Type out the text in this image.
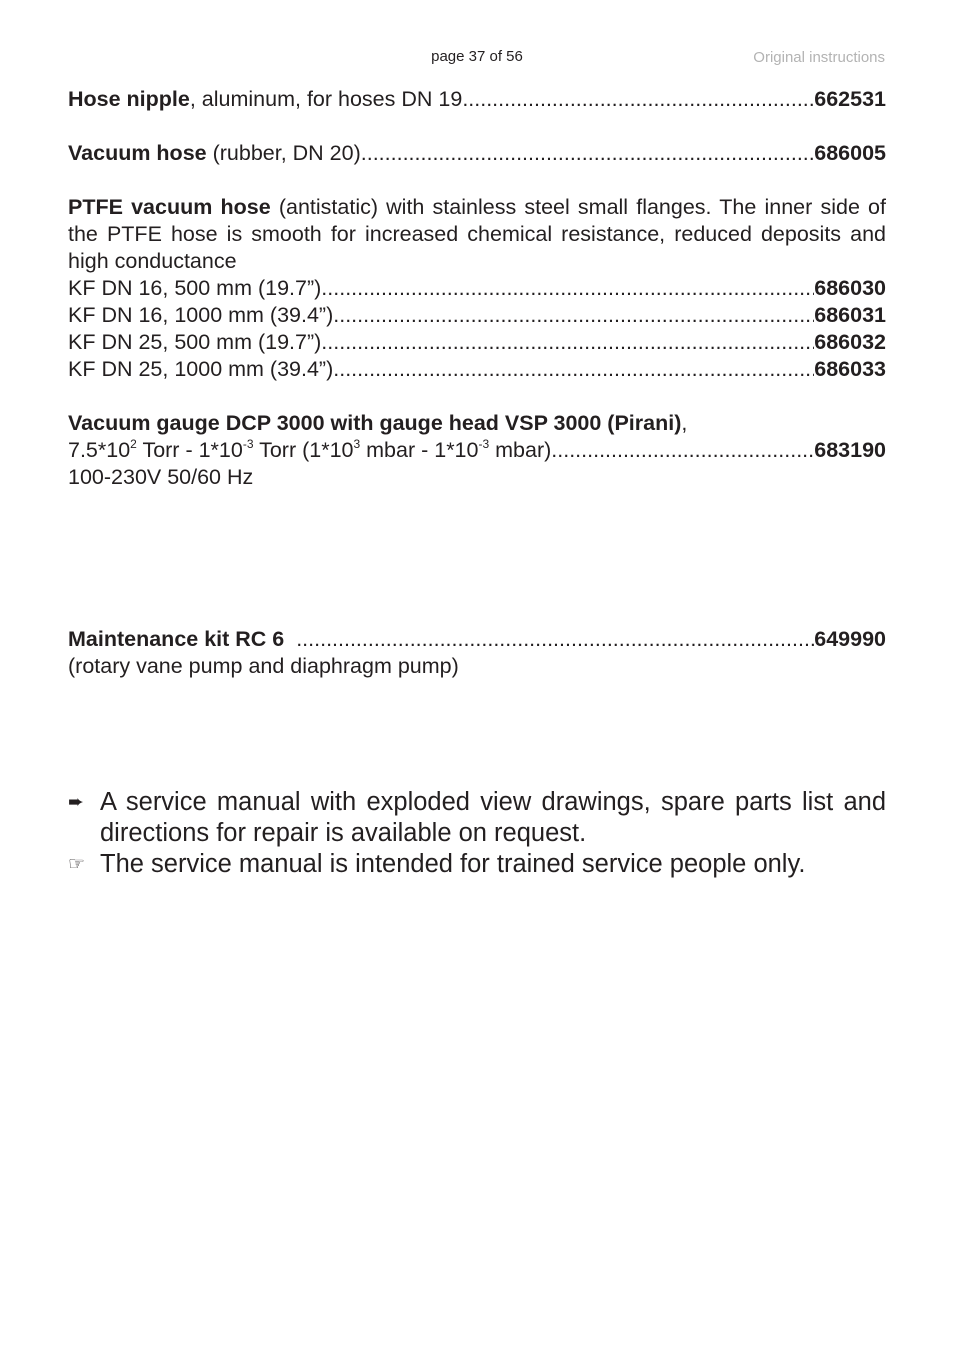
page 37 of 56	Original instructions
Hose nipple, aluminum, for hoses DN 19 .....	662531
Vacuum hose (rubber, DN 20) .....	686005
PTFE vacuum hose (antistatic) with stainless steel small flanges. The inner side of the PTFE hose is smooth for increased chemical resistance, reduced deposits and high conductance
KF DN 16, 500 mm (19.7”) .....	686030
KF DN 16, 1000 mm (39.4”) .....	686031
KF DN 25, 500 mm (19.7”) .....	686032
KF DN 25, 1000 mm (39.4”) .....	686033
Vacuum gauge DCP 3000 with gauge head VSP 3000 (Pirani),
$7.5*10^2$ Torr - $1*10^{-3}$ Torr ($1*10^3$ mbar - $1*10^{-3}$ mbar) .....	683190
100-230V 50/60 Hz
Maintenance kit RC 6 .....	649990
(rotary vane pump and diaphragm pump)
➨ A service manual with exploded view drawings, spare parts list and directions for repair is available on request.
☞ The service manual is intended for trained service people only.
